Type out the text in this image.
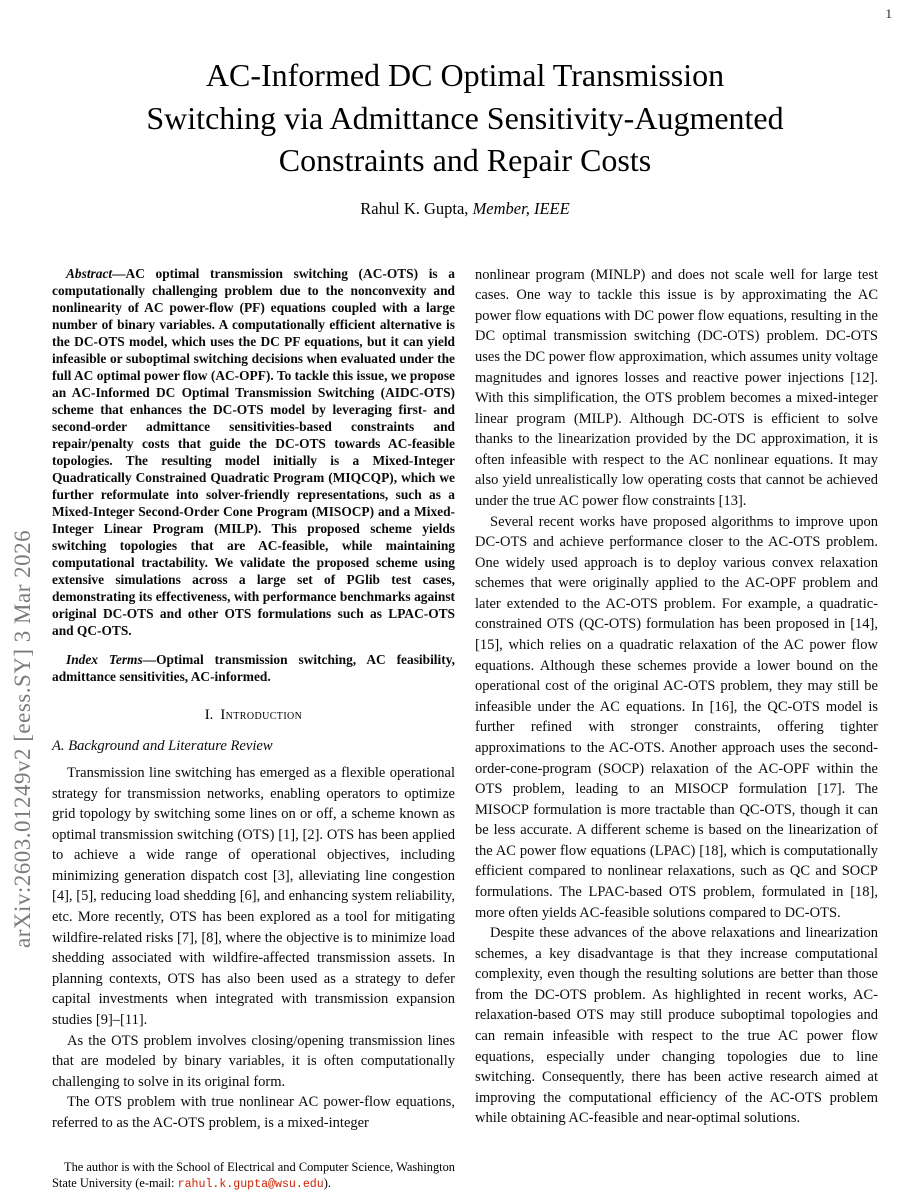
1
arXiv:2603.01249v2 [eess.SY] 3 Mar 2026
AC-Informed DC Optimal Transmission
Switching via Admittance Sensitivity-Augmented
Constraints and Repair Costs
Rahul K. Gupta, Member, IEEE

Abstract—AC optimal transmission switching (AC-OTS) is a computationally challenging problem due to the nonconvexity and nonlinearity of AC power-flow (PF) equations coupled with a large number of binary variables. A computationally efficient alternative is the DC-OTS model, which uses the DC PF equations, but it can yield infeasible or suboptimal switching decisions when evaluated under the full AC optimal power flow (AC-OPF). To tackle this issue, we propose an AC-Informed DC Optimal Transmission Switching (AIDC-OTS) scheme that enhances the DC-OTS model by leveraging first- and second-order admittance sensitivities-based constraints and repair/penalty costs that guide the DC-OTS towards AC-feasible topologies. The resulting model initially is a Mixed-Integer Quadratically Constrained Quadratic Program (MIQCQP), which we further reformulate into solver-friendly representations, such as a Mixed-Integer Second-Order Cone Program (MISOCP) and a Mixed-Integer Linear Program (MILP). This proposed scheme yields switching topologies that are AC-feasible, while maintaining computational tractability. We validate the proposed scheme using extensive simulations across a large set of PGlib test cases, demonstrating its effectiveness, with performance benchmarks against original DC-OTS and other OTS formulations such as LPAC-OTS and QC-OTS.

Index Terms—Optimal transmission switching, AC feasibility, admittance sensitivities, AC-informed.

I. Introduction
A. Background and Literature Review

Transmission line switching has emerged as a flexible operational strategy for transmission networks, enabling operators to optimize grid topology by switching some lines on or off, a scheme known as optimal transmission switching (OTS) [1], [2]. OTS has been applied to achieve a wide range of operational objectives, including minimizing generation dispatch cost [3], alleviating line congestion [4], [5], reducing load shedding [6], and enhancing system reliability, etc. More recently, OTS has been explored as a tool for mitigating wildfire-related risks [7], [8], where the objective is to minimize load shedding associated with wildfire-affected transmission assets. In planning contexts, OTS has also been used as a strategy to defer capital investments when integrated with transmission expansion studies [9]–[11].

As the OTS problem involves closing/opening transmission lines that are modeled by binary variables, it is often computationally challenging to solve in its original form.

The OTS problem with true nonlinear AC power-flow equations, referred to as the AC-OTS problem, is a mixed-integer

nonlinear program (MINLP) and does not scale well for large test cases. One way to tackle this issue is by approximating the AC power flow equations with DC power flow equations, resulting in the DC optimal transmission switching (DC-OTS) problem. DC-OTS uses the DC power flow approximation, which assumes unity voltage magnitudes and ignores losses and reactive power injections [12]. With this simplification, the OTS problem becomes a mixed-integer linear program (MILP). Although DC-OTS is efficient to solve thanks to the linearization provided by the DC approximation, it is often infeasible with respect to the AC nonlinear equations. It may also yield unrealistically low operating costs that cannot be achieved under the true AC power flow constraints [13].

Several recent works have proposed algorithms to improve upon DC-OTS and achieve performance closer to the AC-OTS problem. One widely used approach is to deploy various convex relaxation schemes that were originally applied to the AC-OPF problem and later extended to the AC-OTS problem. For example, a quadratic-constrained OTS (QC-OTS) formulation has been proposed in [14], [15], which relies on a quadratic relaxation of the AC power flow equations. Although these schemes provide a lower bound on the operational cost of the original AC-OTS problem, they may still be infeasible under the AC equations. In [16], the QC-OTS model is further refined with stronger constraints, offering tighter approximations to the AC-OTS. Another approach uses the second-order-cone-program (SOCP) relaxation of the AC-OPF within the OTS problem, leading to an MISOCP formulation [17]. The MISOCP formulation is more tractable than QC-OTS, though it can be less accurate. A different scheme is based on the linearization of the AC power flow equations (LPAC) [18], which is computationally efficient compared to nonlinear relaxations, such as QC and SOCP formulations. The LPAC-based OTS problem, formulated in [18], more often yields AC-feasible solutions compared to DC-OTS.

Despite these advances of the above relaxations and linearization schemes, a key disadvantage is that they increase computational complexity, even though the resulting solutions are better than those from the DC-OTS problem. As highlighted in recent works, AC-relaxation-based OTS may still produce suboptimal topologies and can remain infeasible with respect to the true AC power flow equations, especially under changing topologies due to line switching. Consequently, there has been active research aimed at improving the computational efficiency of the AC-OTS problem while obtaining AC-feasible and near-optimal solutions.

The author is with the School of Electrical and Computer Science, Washington State University (e-mail: rahul.k.gupta@wsu.edu).
